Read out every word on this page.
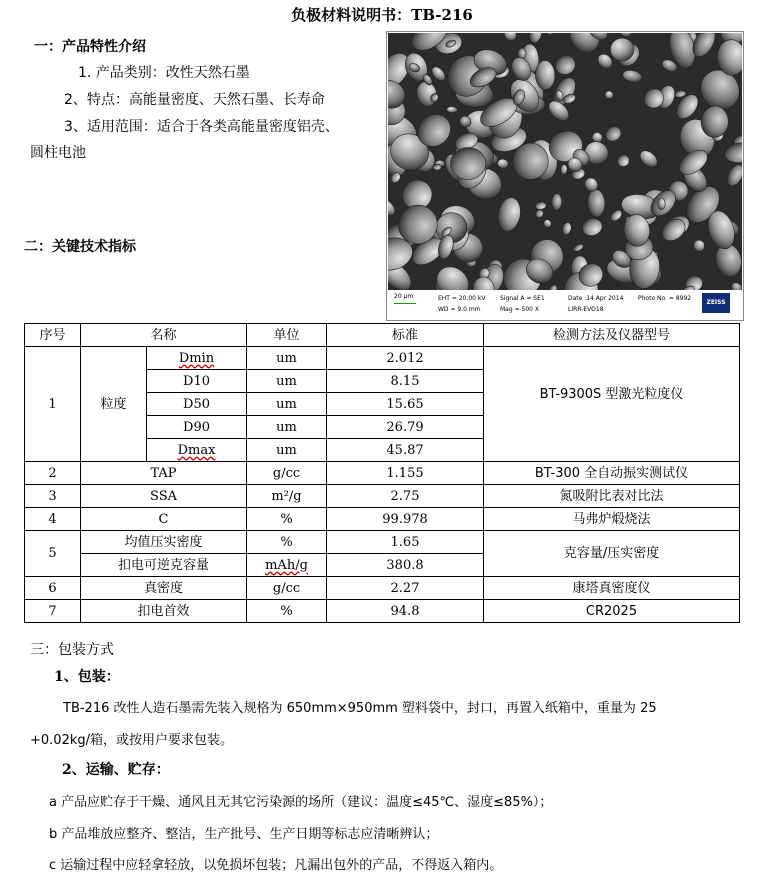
负极材料说明书：TB-216
一：产品特性介绍
1. 产品类别：改性天然石墨
2、特点：高能量密度、天然石墨、长寿命
3、适用范围：适合于各类高能量密度铝壳、
圆柱电池
二：关键技术指标
20 μm	EHT = 20.00 kV
WD = 9.0 mm
Signal A = SE1
Mag = 500 X
Date :14 Apr 2014
LIRR-EVO18
Photo No. = 8992
ZEISS
序号	名称		单位	标准	检测方法及仪器型号
1	粒度	Dmin	um	2.012	BT-9300S 型激光粒度仪
		D10	um	8.15	
		D50	um	15.65	
		D90	um	26.79	
		Dmax	um	45.87	
2	TAP		g/cc	1.155	BT-300 全自动振实测试仪
3	SSA		m²/g	2.75	氮吸附比表对比法
4	C		%	99.978	马弗炉煅烧法
5	均值压实密度		%	1.65	克容量/压实密度
	扣电可逆克容量		mAh/g	380.8	
6	真密度		g/cc	2.27	康塔真密度仪
7	扣电首效		%	94.8	CR2025
三：包装方式
1、包装：
TB-216 改性人造石墨需先装入规格为 650mm×950mm 塑料袋中，封口，再置入纸箱中，重量为 25
+0.02kg/箱，或按用户要求包装。
2、运输、贮存：
a 产品应贮存于干燥、通风且无其它污染源的场所（建议：温度≤45℃、湿度≤85%）；
b 产品堆放应整齐、整洁，生产批号、生产日期等标志应清晰辨认；
c 运输过程中应轻拿轻放，以免损坏包装；凡漏出包外的产品，不得返入箱内。
